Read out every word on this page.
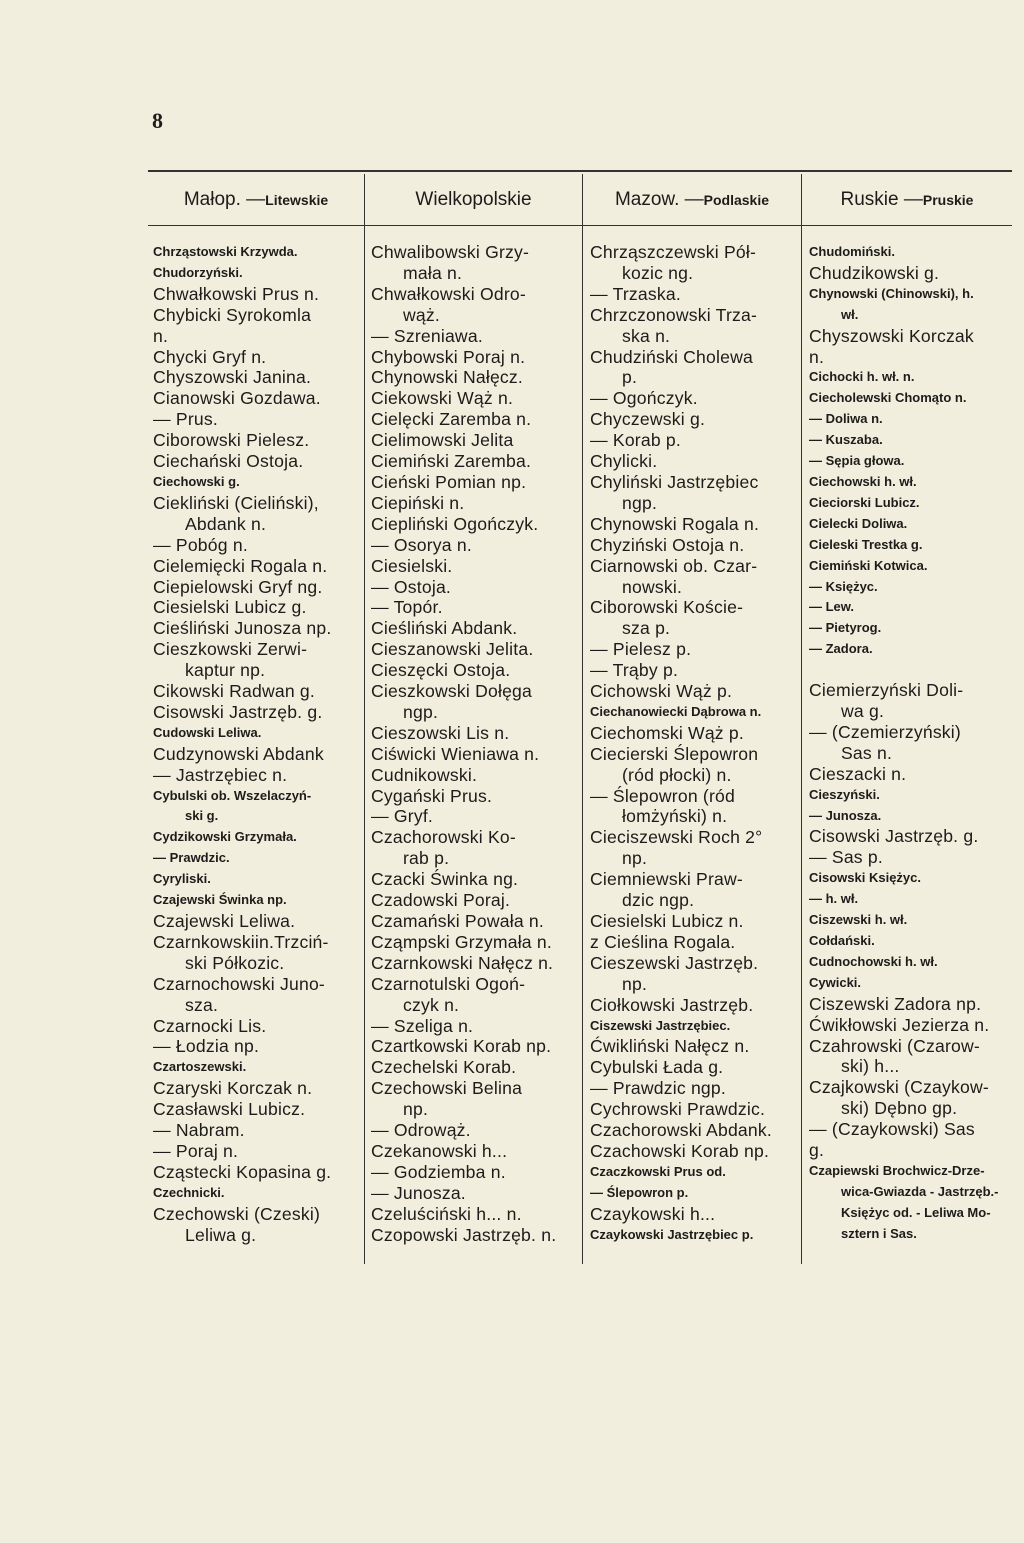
8
Małop. — Litewskie	Wielkopolskie	Mazow. — Podlaskie	Ruskie — Pruskie
Chrząstowski Krzywda.
Chudorzyński.
Chwałkowski Prus n.
Chybicki Syrokomla
n.
Chycki Gryf n.
Chyszowski Janina.
Cianowski Gozdawa.
— Prus.
Ciborowski Pielesz.
Ciechański Ostoja.
Ciechowski g.
Ciekliński (Cieliński),
Abdank n.
— Pobóg n.
Cielemięcki Rogala n.
Ciepielowski Gryf ng.
Ciesielski Lubicz g.
Cieśliński Junosza np.
Cieszkowski Zerwi-
kaptur np.
Cikowski Radwan g.
Cisowski Jastrzęb. g.
Cudowski Leliwa.
Cudzynowski Abdank
— Jastrzębiec n.
Cybulski ob. Wszelaczyń-
ski g.
Cydzikowski Grzymała.
— Prawdzic.
Cyryliski.
Czajewski Świnka np.
Czajewski Leliwa.
Czarnkowskiin.Trzciń-
ski Półkozic.
Czarnochowski Juno-
sza.
Czarnocki Lis.
— Łodzia np.
Czartoszewski.
Czaryski Korczak n.
Czasławski Lubicz.
— Nabram.
— Poraj n.
Cząstecki Kopasina g.
Czechnicki.
Czechowski (Czeski)
Leliwa g.
Chwalibowski Grzy-
mała n.
Chwałkowski Odro-
wąż.
— Szreniawa.
Chybowski Poraj n.
Chynowski Nałęcz.
Ciekowski Wąż n.
Cielęcki Zaremba n.
Cielimowski Jelita
Ciemiński Zaremba.
Cieński Pomian np.
Ciepiński n.
Ciepliński Ogończyk.
— Osorya n.
Ciesielski.
— Ostoja.
— Topór.
Cieśliński Abdank.
Cieszanowski Jelita.
Cieszęcki Ostoja.
Cieszkowski Dołęga
ngp.
Cieszowski Lis n.
Ciświcki Wieniawa n.
Cudnikowski.
Cygański Prus.
— Gryf.
Czachorowski Ko-
rab p.
Czacki Świnka ng.
Czadowski Poraj.
Czamański Powała n.
Cząmpski Grzymała n.
Czarnkowski Nałęcz n.
Czarnotulski Ogoń-
czyk n.
— Szeliga n.
Czartkowski Korab np.
Czechelski Korab.
Czechowski Belina
np.
— Odrowąż.
Czekanowski h...
— Godziemba n.
— Junosza.
Czeluściński h... n.
Czopowski Jastrzęb. n.
Chrząszczewski Pół-
kozic ng.
— Trzaska.
Chrzczonowski Trza-
ska n.
Chudziński Cholewa
p.
— Ogończyk.
Chyczewski g.
— Korab p.
Chylicki.
Chyliński Jastrzębiec
ngp.
Chynowski Rogala n.
Chyziński Ostoja n.
Ciarnowski ob. Czar-
nowski.
Ciborowski Koście-
sza p.
— Pielesz p.
— Trąby p.
Cichowski Wąż p.
Ciechanowiecki Dąbrowa n.
Ciechomski Wąż p.
Ciecierski Ślepowron
(ród płocki) n.
— Ślepowron (ród
łomżyński) n.
Cieciszewski Roch 2°
np.
Ciemniewski Praw-
dzic ngp.
Ciesielski Lubicz n.
z Cieślina Rogala.
Cieszewski Jastrzęb.
np.
Ciołkowski Jastrzęb.
Ciszewski Jastrzębiec.
Ćwikliński Nałęcz n.
Cybulski Łada g.
— Prawdzic ngp.
Cychrowski Prawdzic.
Czachorowski Abdank.
Czachowski Korab np.
Czaczkowski Prus od.
— Ślepowron p.
Czaykowski h...
Czaykowski Jastrzębiec p.
Chudomiński.
Chudzikowski g.
Chynowski (Chinowski), h.
wł.
Chyszowski Korczak
n.
Cichocki h. wł. n.
Ciecholewski Chomąto n.
— Doliwa n.
— Kuszaba.
— Sępia głowa.
Ciechowski h. wł.
Cieciorski Lubicz.
Cielecki Doliwa.
Cieleski Trestka g.
Ciemiński Kotwica.
— Księżyc.
— Lew.
— Pietyrog.
— Zadora.
Ciemierzyński Doli-
wa g.
— (Czemierzyński)
Sas n.
Cieszacki n.
Cieszyński.
— Junosza.
Cisowski Jastrzęb. g.
— Sas p.
Cisowski Księżyc.
— h. wł.
Ciszewski h. wł.
Cołdański.
Cudnochowski h. wł.
Cywicki.
Ciszewski Zadora np.
Ćwikłowski Jezierza n.
Czahrowski (Czarow-
ski) h...
Czajkowski (Czaykow-
ski) Dębno gp.
— (Czaykowski) Sas
g.
Czapiewski Brochwicz-Drze-
wica-Gwiazda - Jastrzęb.-
Księżyc od. - Leliwa Mo-
sztern i Sas.
